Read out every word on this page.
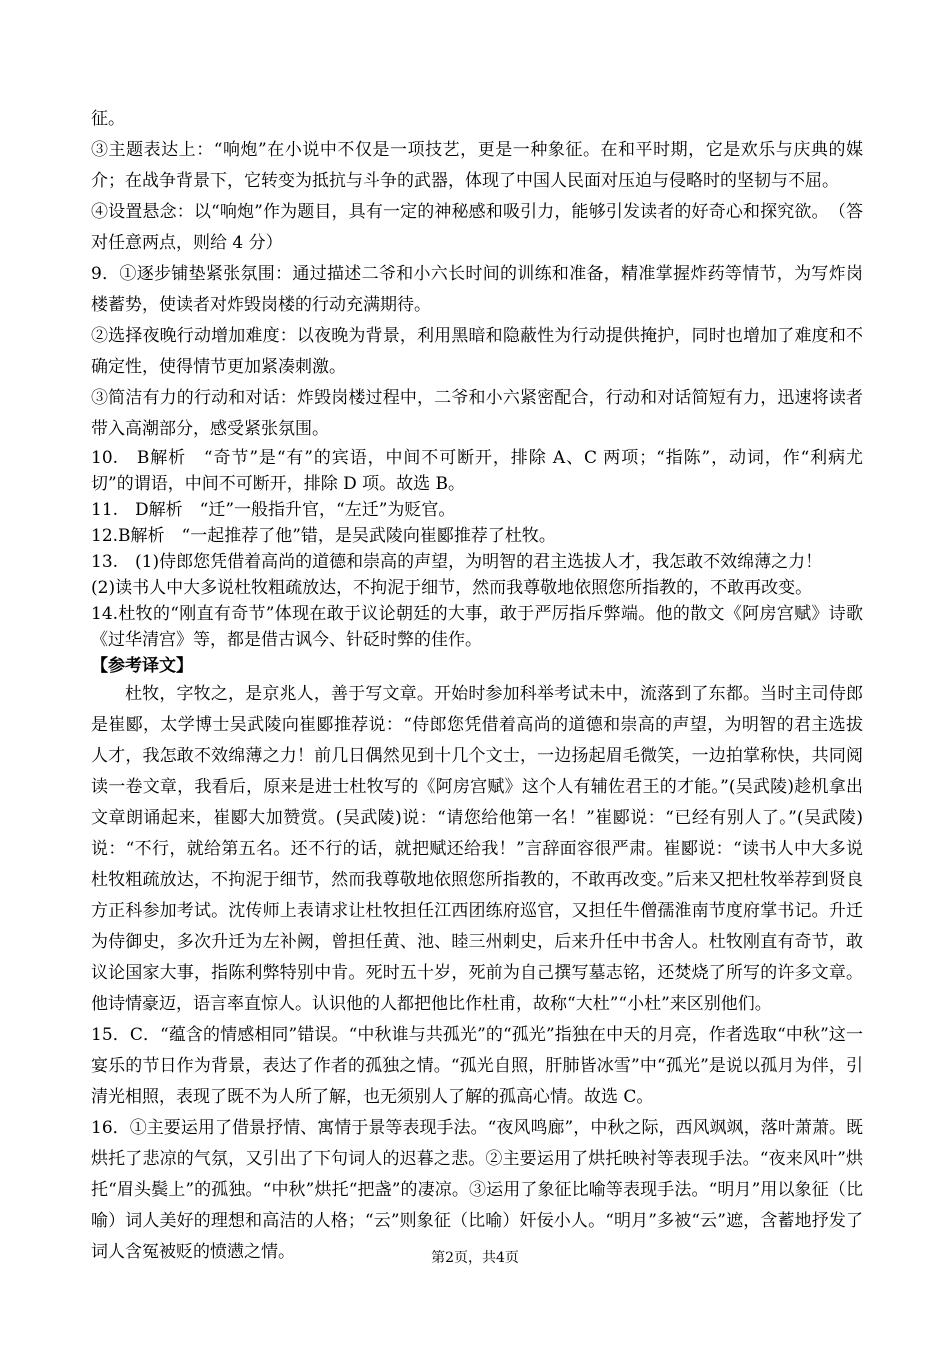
征。

③主题表达上：“响炮”在小说中不仅是一项技艺，更是一种象征。在和平时期，它是欢乐与庆典的媒介；在战争背景下，它转变为抵抗与斗争的武器，体现了中国人民面对压迫与侵略时的坚韧与不屈。

④设置悬念：以“响炮”作为题目，具有一定的神秘感和吸引力，能够引发读者的好奇心和探究欲。　（答对任意两点，则给 4 分）

9．①逐步铺垫紧张氛围：通过描述二爷和小六长时间的训练和准备，精准掌握炸药等情节，为写炸岗楼蓄势，使读者对炸毁岗楼的行动充满期待。

②选择夜晚行动增加难度：以夜晚为背景，利用黑暗和隐蔽性为行动提供掩护，同时也增加了难度和不确定性，使得情节更加紧凑刺激。

③简洁有力的行动和对话：炸毁岗楼过程中，二爷和小六紧密配合，行动和对话简短有力，迅速将读者带入高潮部分，感受紧张氛围。

10.　B解析　“奇节”是“有”的宾语，中间不可断开，排除 A、C 两项；“指陈”，动词，作“利病尤切”的谓语，中间不可断开，排除 D 项。故选 B。

11.　D解析　“迁”一般指升官，“左迁”为贬官。

12.B解析　“一起推荐了他”错，是吴武陵向崔郾推荐了杜牧。

13.　(1)侍郎您凭借着高尚的道德和崇高的声望，为明智的君主选拔人才，我怎敢不效绵薄之力！

(2)读书人中大多说杜牧粗疏放达，不拘泥于细节，然而我尊敬地依照您所指教的，不敢再改变。

14.杜牧的“刚直有奇节”体现在敢于议论朝廷的大事，敢于严厉指斥弊端。他的散文《阿房宫赋》诗歌《过华清宫》等，都是借古讽今、针砭时弊的佳作。

【参考译文】

杜牧，字牧之，是京兆人，善于写文章。开始时参加科举考试未中，流落到了东都。当时主司侍郎是崔郾，太学博士吴武陵向崔郾推荐说：“侍郎您凭借着高尚的道德和崇高的声望，为明智的君主选拔人才，我怎敢不效绵薄之力！前几日偶然见到十几个文士，一边扬起眉毛微笑，一边拍掌称快，共同阅读一卷文章，我看后，原来是进士杜牧写的《阿房宫赋》这个人有辅佐君王的才能。”(吴武陵)趁机拿出文章朗诵起来，崔郾大加赞赏。(吴武陵)说：“请您给他第一名！”崔郾说：“已经有别人了。”(吴武陵)说：“不行，就给第五名。还不行的话，就把赋还给我！”言辞面容很严肃。崔郾说：“读书人中大多说杜牧粗疏放达，不拘泥于细节，然而我尊敬地依照您所指教的，不敢再改变。”后来又把杜牧举荐到贤良方正科参加考试。沈传师上表请求让杜牧担任江西团练府巡官，又担任牛僧孺淮南节度府掌书记。升迁为侍御史，多次升迁为左补阙，曾担任黄、池、睦三州刺史，后来升任中书舍人。杜牧刚直有奇节，敢议论国家大事，指陈利弊特别中肯。死时五十岁，死前为自己撰写墓志铭，还焚烧了所写的许多文章。他诗情豪迈，语言率直惊人。认识他的人都把他比作杜甫，故称“大杜”“小杜”来区别他们。

15．C．“蕴含的情感相同”错误。“中秋谁与共孤光”的“孤光”指独在中天的月亮，作者选取“中秋”这一宴乐的节日作为背景，表达了作者的孤独之情。“孤光自照，肝肺皆冰雪”中“孤光”是说以孤月为伴，引清光相照，表现了既不为人所了解，也无须别人了解的孤高心情。故选 C。

16．①主要运用了借景抒情、寓情于景等表现手法。“夜风鸣廊”，中秋之际，西风飒飒，落叶萧萧。既烘托了悲凉的气氛，又引出了下句词人的迟暮之悲。②主要运用了烘托映衬等表现手法。“夜来风叶”烘托“眉头鬓上”的孤独。“中秋”烘托“把盏”的凄凉。③运用了象征比喻等表现手法。“明月”用以象征（比喻）词人美好的理想和高洁的人格；“云”则象征（比喻）奸佞小人。“明月”多被“云”遮，含蓄地抒发了词人含冤被贬的愤懑之情。	第2页，共4页
